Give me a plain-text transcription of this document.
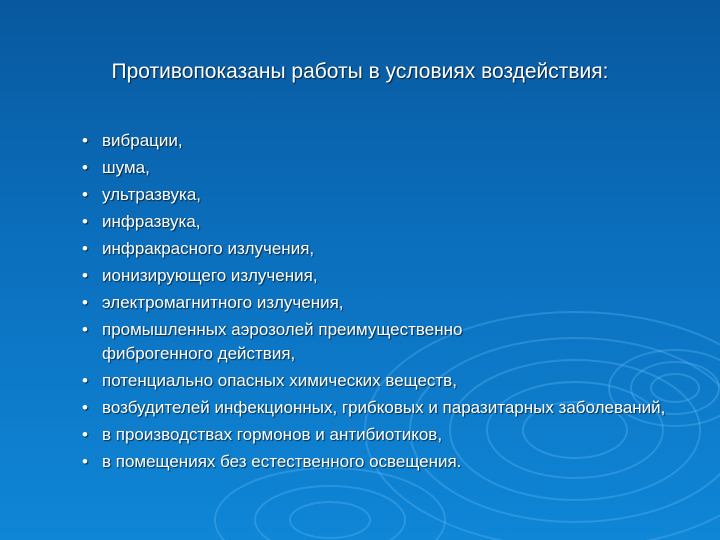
Противопоказаны работы в условиях воздействия:
• вибрации,
• шума,
• ультразвука,
• инфразвука,
• инфракрасного излучения,
• ионизирующего излучения,
• электромагнитного излучения,
• промышленных аэрозолей преимущественно
фиброгенного действия,
• потенциально опасных химических веществ,
• возбудителей инфекционных, грибковых и паразитарных заболеваний,
• в производствах гормонов и антибиотиков,
• в помещениях без естественного освещения.
